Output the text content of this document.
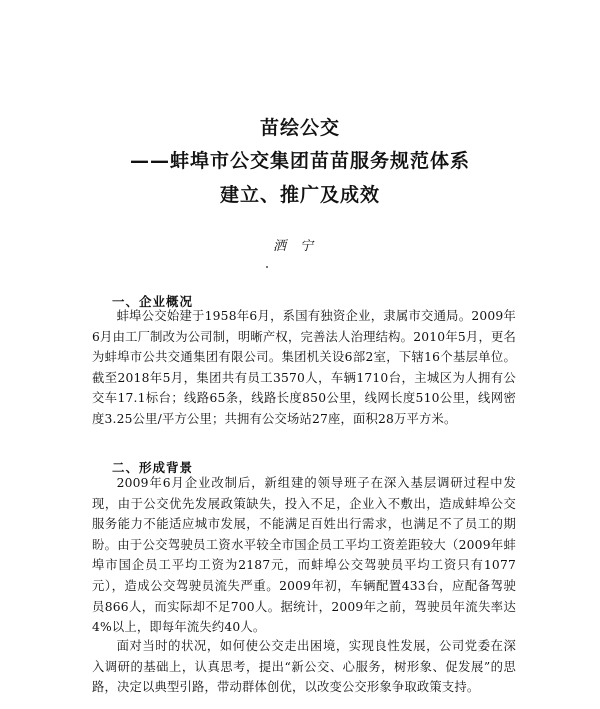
苗绘公交
——蚌埠市公交集团苗苗服务规范体系
建立、推广及成效

洒宁

一、企业概况

蚌埠公交始建于1958年6月，系国有独资企业，隶属市交通局。2009年6月由工厂制改为公司制，明晰产权，完善法人治理结构。2010年5月，更名为蚌埠市公共交通集团有限公司。集团机关设6部2室，下辖16个基层单位。截至2018年5月，集团共有员工3570人，车辆1710台，主城区为人拥有公交车17.1标台；线路65条，线路长度850公里，线网长度510公里，线网密度3.25公里/平方公里；共拥有公交场站27座，面积28万平方米。

二、形成背景

2009年6月企业改制后，新组建的领导班子在深入基层调研过程中发现，由于公交优先发展政策缺失，投入不足，企业入不敷出，造成蚌埠公交服务能力不能适应城市发展，不能满足百姓出行需求，也满足不了员工的期盼。由于公交驾驶员工资水平较全市国企员工平均工资差距较大（2009年蚌埠市国企员工平均工资为2187元，而蚌埠公交驾驶员平均工资只有1077元），造成公交驾驶员流失严重。2009年初，车辆配置433台，应配备驾驶员866人，而实际却不足700人。据统计，2009年之前，驾驶员年流失率达4%以上，即每年流失约40人。

面对当时的状况，如何使公交走出困境，实现良性发展，公司党委在深入调研的基础上，认真思考，提出“新公交、心服务，树形象、促发展”的思路，决定以典型引路，带动群体创优，以改变公交形象争取政策支持。
